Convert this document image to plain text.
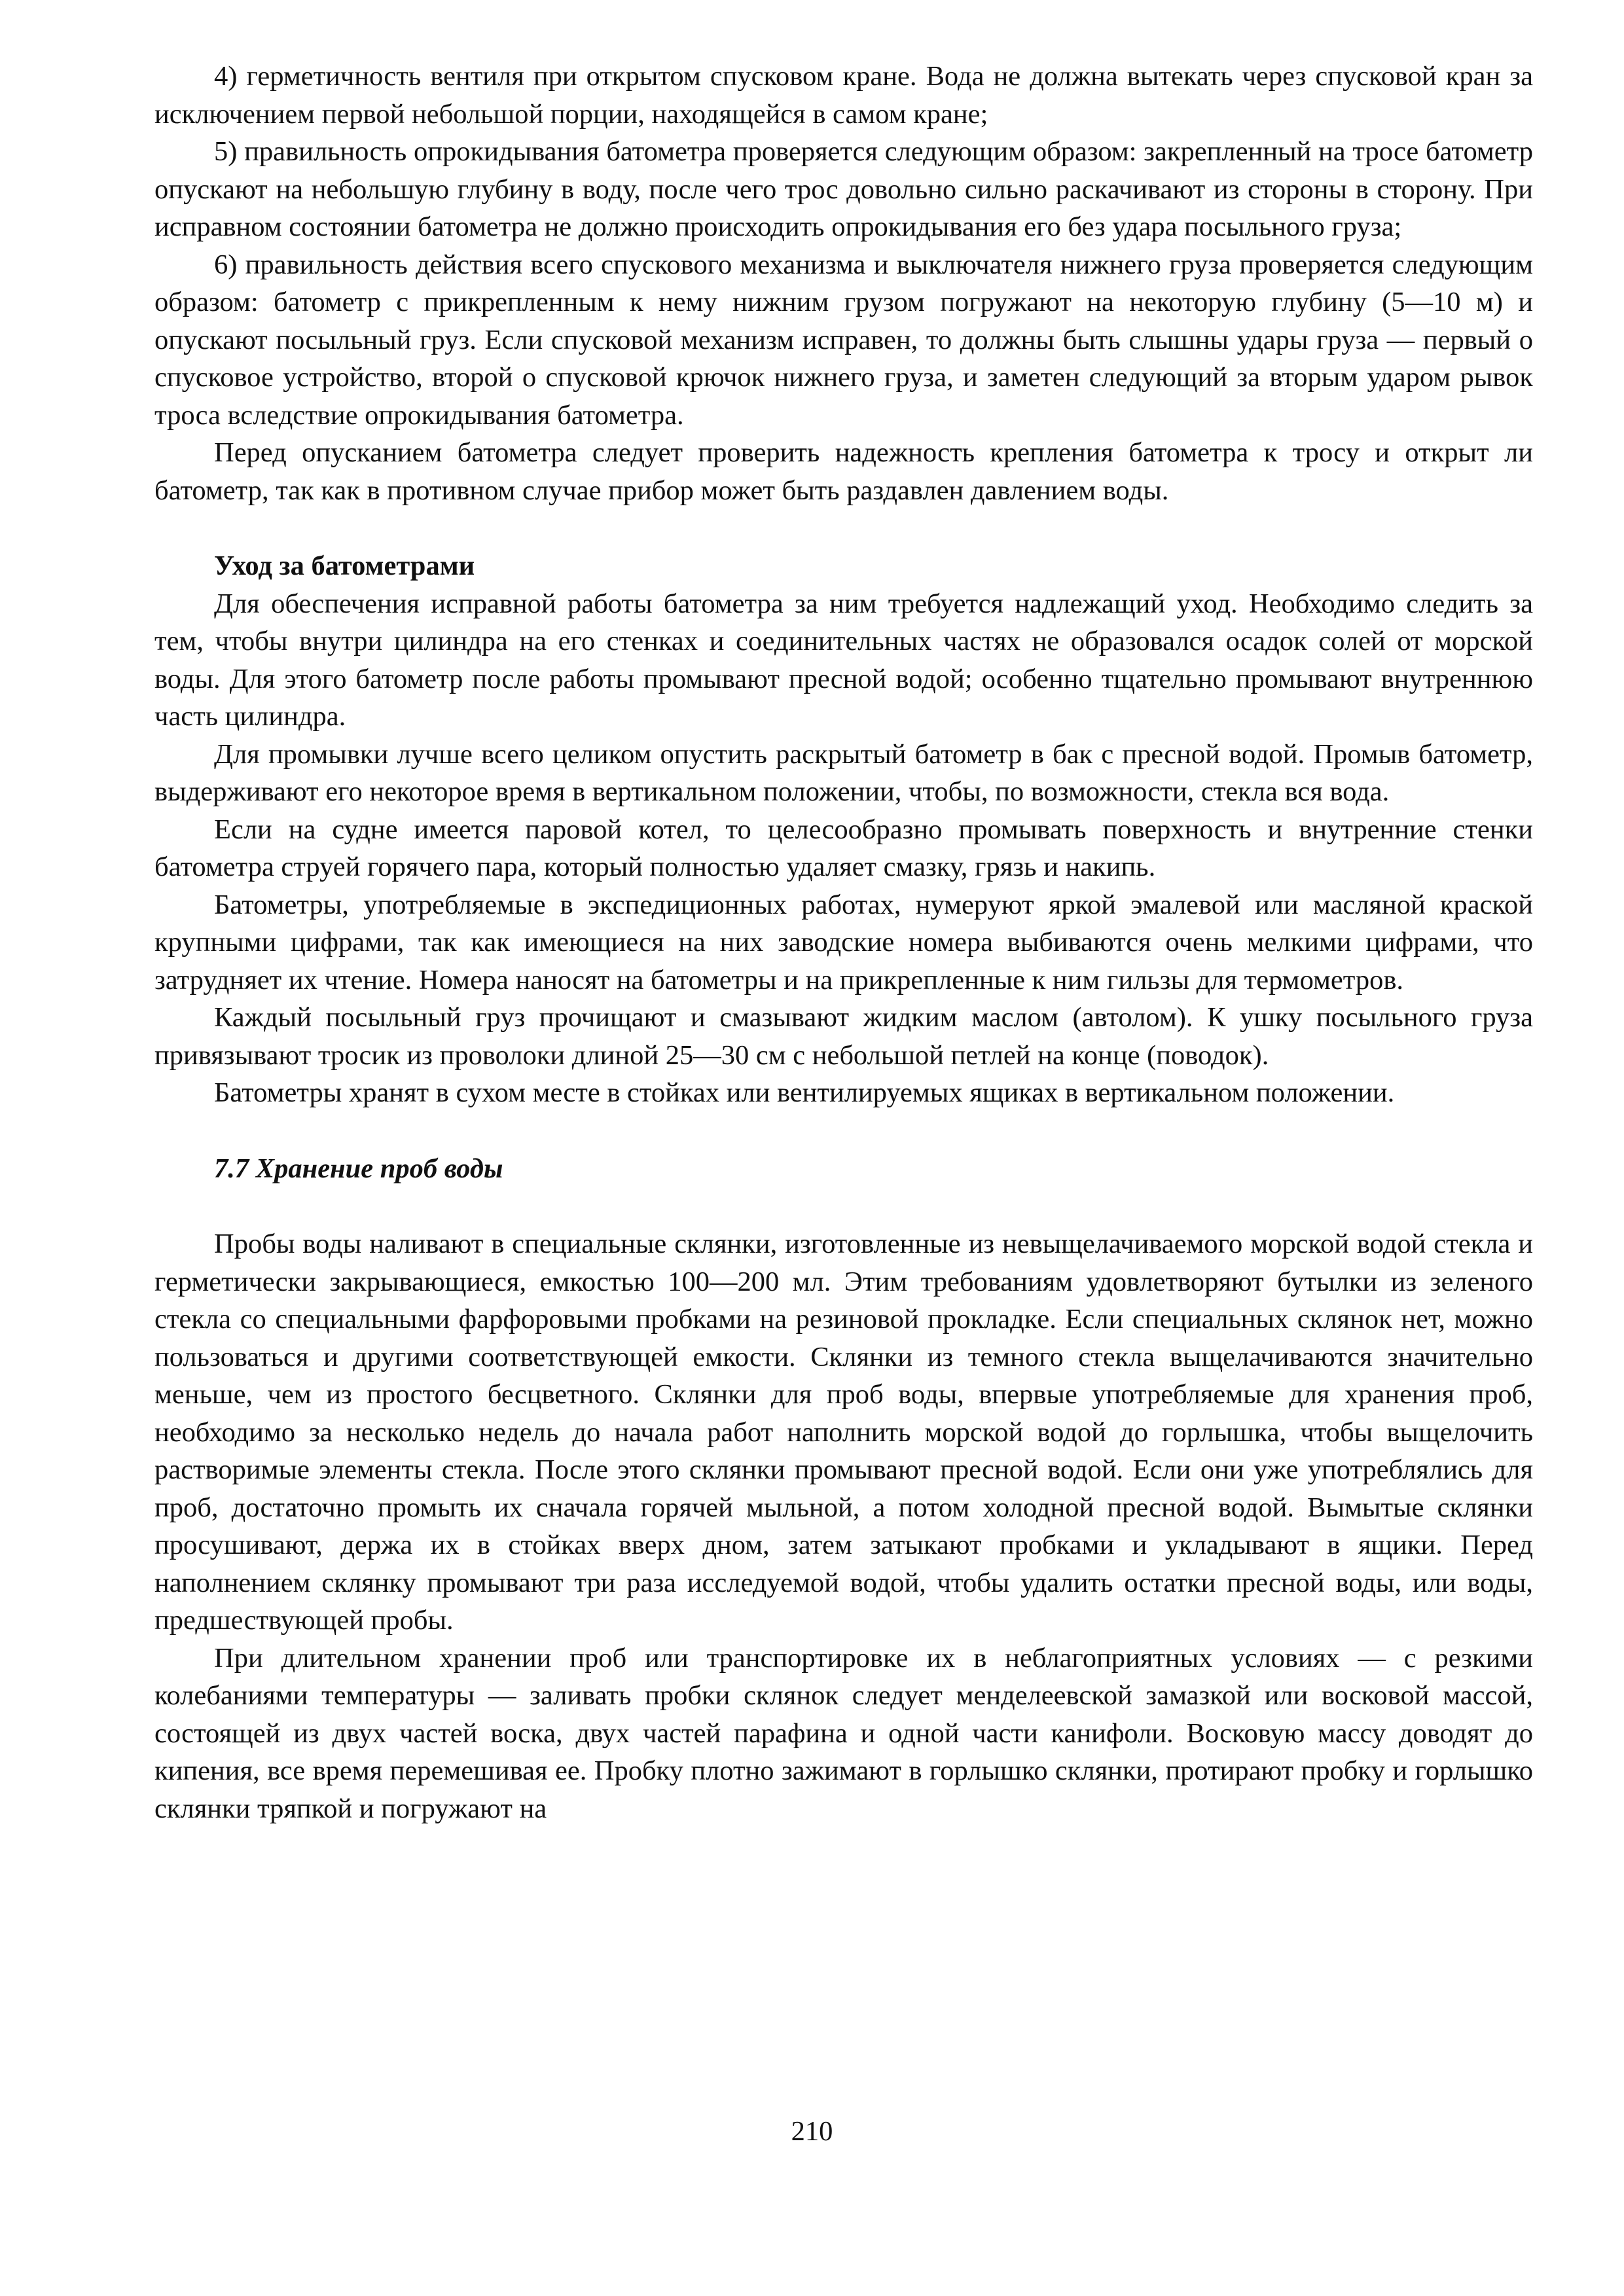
4) герметичность вентиля при открытом спусковом кране. Вода не должна вытекать через спусковой кран за исключением первой небольшой порции, находящейся в самом кране;

5) правильность опрокидывания батометра проверяется следующим образом: закрепленный на тросе батометр опускают на небольшую глубину в воду, после чего трос довольно сильно раскачивают из стороны в сторону. При исправном состоянии батометра не должно происходить опрокидывания его без удара посыльного груза;

6) правильность действия всего спускового механизма и выключателя нижнего груза проверяется следующим образом: батометр с прикрепленным к нему нижним грузом погружают на некоторую глубину (5—10 м) и опускают посыльный груз. Если спусковой механизм исправен, то должны быть слышны удары груза — первый о спусковое устройство, второй о спусковой крючок нижнего груза, и заметен следующий за вторым ударом рывок троса вследствие опрокидывания батометра.

Перед опусканием батометра следует проверить надежность крепления батометра к тросу и открыт ли батометр, так как в противном случае прибор может быть раздавлен давлением воды.

Уход за батометрами

Для обеспечения исправной работы батометра за ним требуется надлежащий уход. Необходимо следить за тем, чтобы внутри цилиндра на его стенках и соединительных частях не образовался осадок солей от морской воды. Для этого батометр после работы промывают пресной водой; особенно тщательно промывают внутреннюю часть цилиндра.

Для промывки лучше всего целиком опустить раскрытый батометр в бак с пресной водой. Промыв батометр, выдерживают его некоторое время в вертикальном положении, чтобы, по возможности, стекла вся вода.

Если на судне имеется паровой котел, то целесообразно промывать поверхность и внутренние стенки батометра струей горячего пара, который полностью удаляет смазку, грязь и накипь.

Батометры, употребляемые в экспедиционных работах, нумеруют яркой эмалевой или масляной краской крупными цифрами, так как имеющиеся на них заводские номера выбиваются очень мелкими цифрами, что затрудняет их чтение. Номера наносят на батометры и на прикрепленные к ним гильзы для термометров.

Каждый посыльный груз прочищают и смазывают жидким маслом (автолом). К ушку посыльного груза привязывают тросик из проволоки длиной 25—30 см с небольшой петлей на конце (поводок).

Батометры хранят в сухом месте в стойках или вентилируемых ящиках в вертикальном положении.

7.7 Хранение проб воды

Пробы воды наливают в специальные склянки, изготовленные из невыщелачиваемого морской водой стекла и герметически закрывающиеся, емкостью 100—200 мл. Этим требованиям удовлетворяют бутылки из зеленого стекла со специальными фарфоровыми пробками на резиновой прокладке. Если специальных склянок нет, можно пользоваться и другими соответствующей емкости. Склянки из темного стекла выщелачиваются значительно меньше, чем из простого бесцветного. Склянки для проб воды, впервые употребляемые для хранения проб, необходимо за несколько недель до начала работ наполнить морской водой до горлышка, чтобы выщелочить растворимые элементы стекла. После этого склянки промывают пресной водой. Если они уже употреблялись для проб, достаточно промыть их сначала горячей мыльной, а потом холодной пресной водой. Вымытые склянки просушивают, держа их в стойках вверх дном, затем затыкают пробками и укладывают в ящики. Перед наполнением склянку промывают три раза исследуемой водой, чтобы удалить остатки пресной воды, или воды, предшествующей пробы.

При длительном хранении проб или транспортировке их в неблагоприятных условиях — с резкими колебаниями температуры — заливать пробки склянок следует менделеевской замазкой или восковой массой, состоящей из двух частей воска, двух частей парафина и одной части канифоли. Восковую массу доводят до кипения, все время перемешивая ее. Пробку плотно зажимают в горлышко склянки, протирают пробку и горлышко склянки тряпкой и погружают на

210
